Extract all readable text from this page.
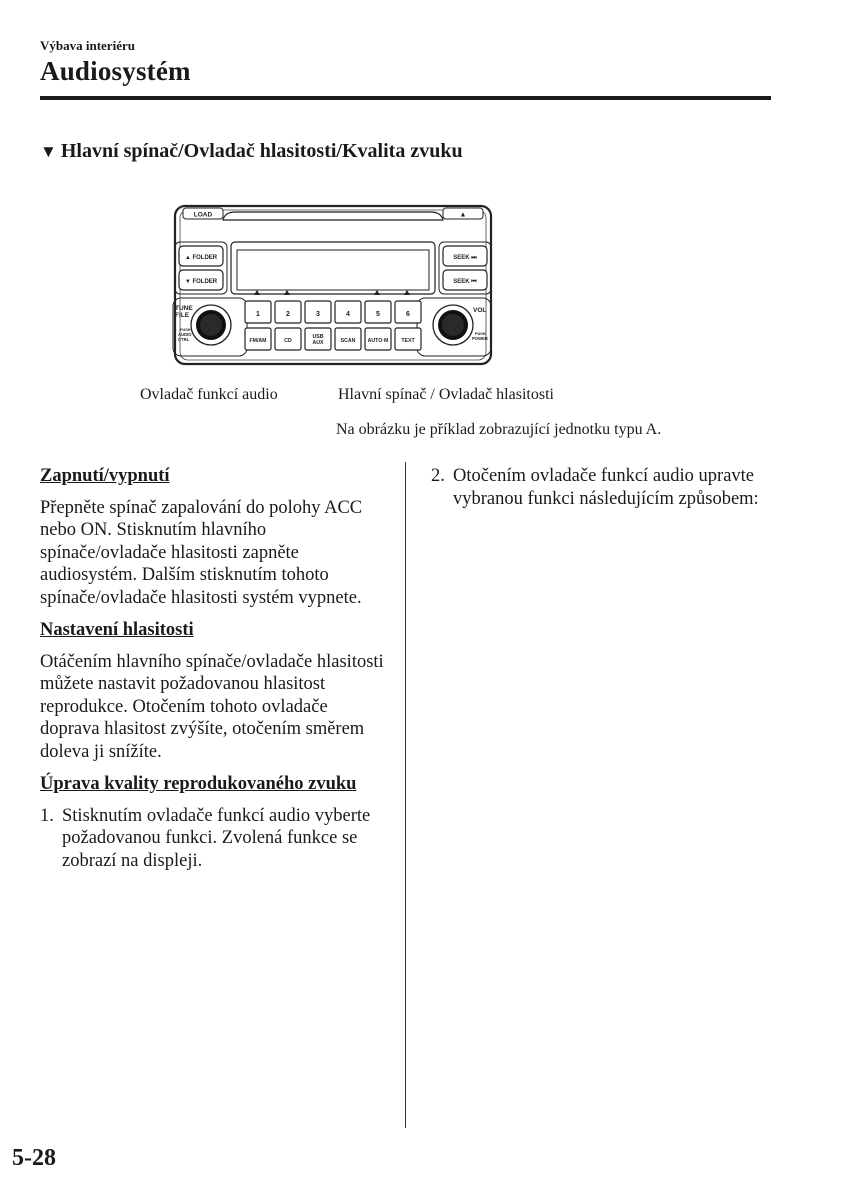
Výbava interiéru
Audiosystém
▼ Hlavní spínač/Ovladač hlasitosti/Kvalita zvuku
LOAD	▲
▲ FOLDER
▼ FOLDER
SEEK ⏭
SEEK ⏮
TUNE
FILE
PUSH
AUDIO
CTRL
VOL
PUSH
POWER
1
FM/AM
2
CD
3
USB
AUX
4
SCAN
5
AUTO·M
6
TEXT
Ovladač funkcí audio	Hlavní spínač / Ovladač hlasitosti
Na obrázku je příklad zobrazující jednotku typu A.
Zapnutí/vypnutí

Přepněte spínač zapalování do polohy ACC nebo ON. Stisknutím hlavního spínače/ovladače hlasitosti zapněte audiosystém. Dalším stisknutím tohoto spínače/ovladače hlasitosti systém vypnete.

Nastavení hlasitosti

Otáčením hlavního spínače/ovladače hlasitosti můžete nastavit požadovanou hlasitost reprodukce. Otočením tohoto ovladače doprava hlasitost zvýšíte, otočením směrem doleva ji snížíte.

Úprava kvality reprodukovaného zvuku
1. Stisknutím ovladače funkcí audio vyberte požadovanou funkci. Zvolená funkce se zobrazí na displeji.
2. Otočením ovladače funkcí audio upravte vybranou funkci následujícím způsobem:
5-28
